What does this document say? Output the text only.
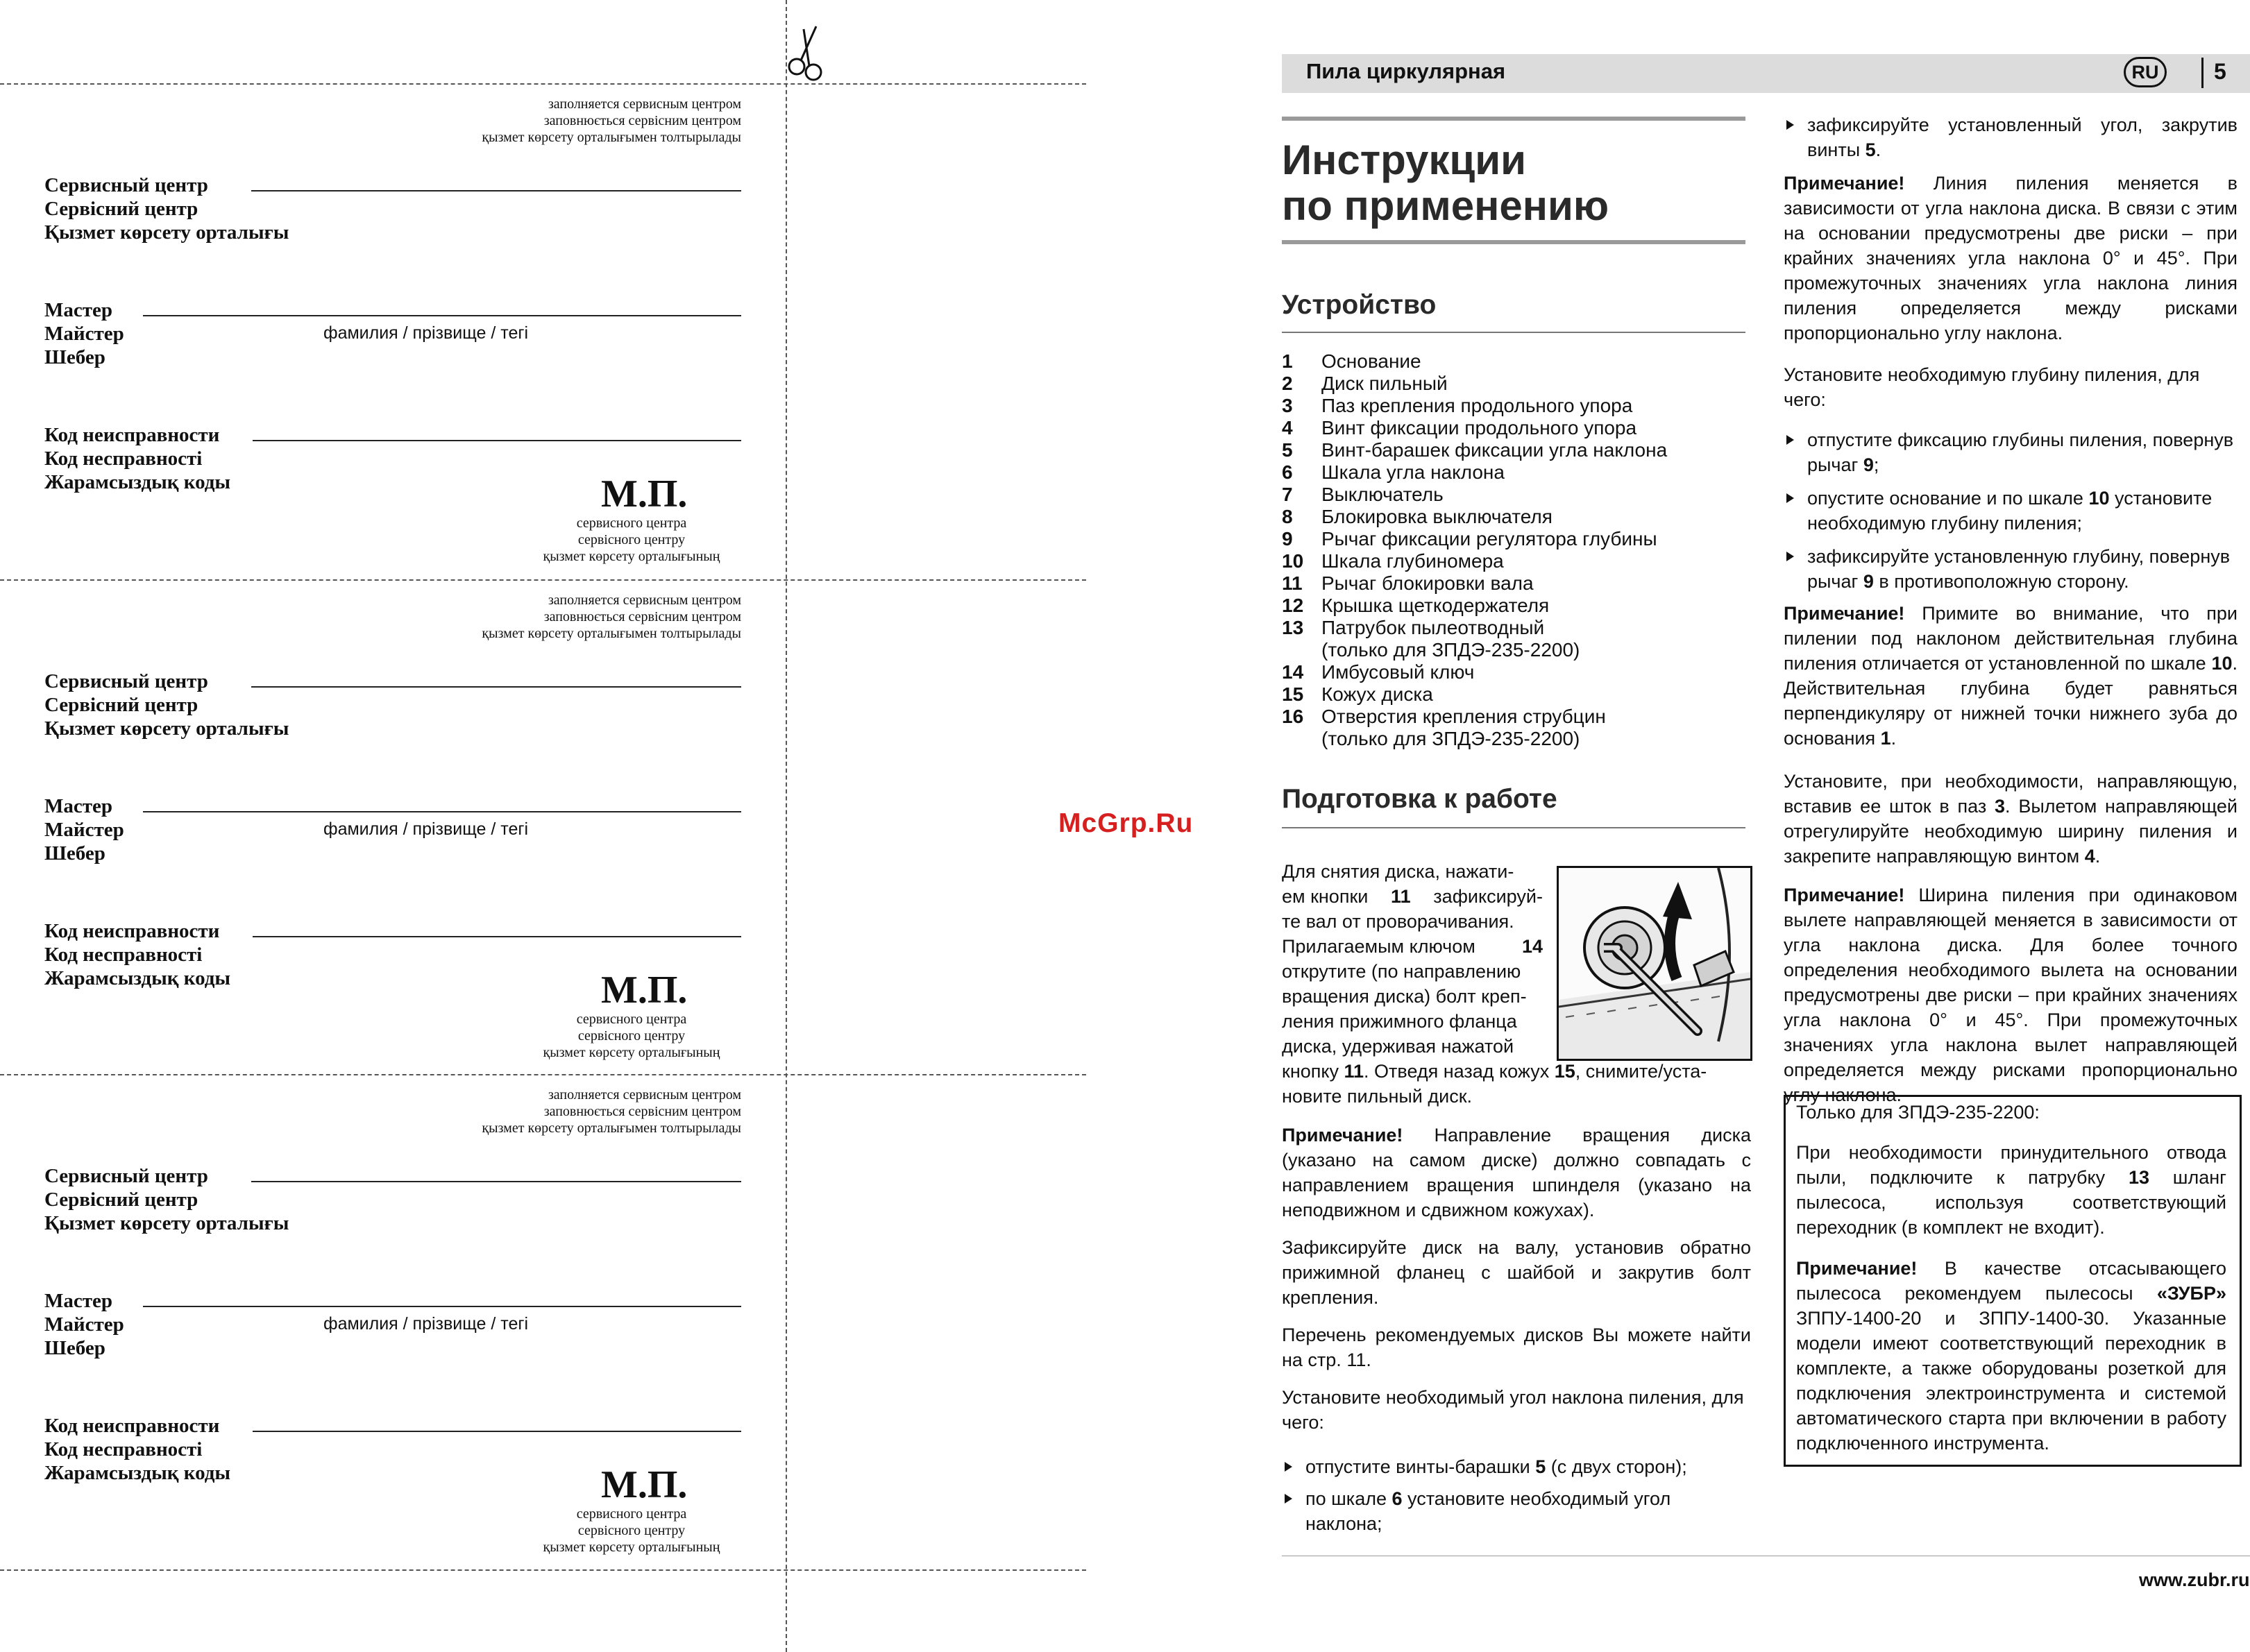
заполняется сервисным центром
заповнюється сервісним центром
қызмет көрсету орталығымен толтырылады
Сервисный центр
Сервісний центр
Қызмет көрсету орталығы
Мастер
Майстер
Шебер
фамилия / прізвище / тегі
Код неисправности
Код несправності
Жарамсыздық коды	М.П.
сервисного центра
сервісного центру
қызмет көрсету орталығының
заполняется сервисным центром
заповнюється сервісним центром
қызмет көрсету орталығымен толтырылады
Сервисный центр
Сервісний центр
Қызмет көрсету орталығы
Мастер
Майстер
Шебер
фамилия / прізвище / тегі
Код неисправности
Код несправності
Жарамсыздық коды	М.П.
сервисного центра
сервісного центру
қызмет көрсету орталығының
заполняется сервисным центром
заповнюється сервісним центром
қызмет көрсету орталығымен толтырылады
Сервисный центр
Сервісний центр
Қызмет көрсету орталығы
Мастер
Майстер
Шебер
фамилия / прізвище / тегі
Код неисправности
Код несправності
Жарамсыздық коды	М.П.
сервисного центра
сервісного центру
қызмет көрсету орталығының
McGrp.Ru
Пила циркулярная	RU	5
Инструкции
по применению
Устройство
1	Основание
2	Диск пильный
3	Паз крепления продольного упора
4	Винт фиксации продольного упора
5	Винт-барашек фиксации угла наклона
6	Шкала угла наклона
7	Выключатель
8	Блокировка выключателя
9	Рычаг фиксации регулятора глубины
10 Шкала глубиномера
11 Рычаг блокировки вала
12 Крышка щеткодержателя
13 Патрубок пылеотводный
(только для ЗПДЭ-235-2200)
14 Имбусовый ключ
15 Кожух диска
16 Отверстия крепления струбцин
(только для ЗПДЭ-235-2200)
Подготовка к работе
Для снятия диска, нажати-
ем кнопки 11 зафиксируй-
те вал от проворачивания.
Прилагаемым ключом 14
открутите (по направлению
вращения диска) болт креп-
ления прижимного фланца
диска, удерживая нажатой
кнопку 11. Отведя назад кожух 15, снимите/уста-
новите пильный диск.
Примечание! Направление вращения диска (указано на самом диске) должно совпадать с направлением вращения шпинделя (указано на неподвижном и сдвижном кожухах).
Зафиксируйте диск на валу, установив обратно прижимной фланец с шайбой и закрутив болт крепления.
Перечень рекомендуемых дисков Вы можете найти на стр. 11.
Установите необходимый угол наклона пиления, для чего:
отпустите винты-барашки 5 (с двух сторон);
по шкале 6 установите необходимый угол наклона;
зафиксируйте установленный угол, закрутив винты 5.
Примечание! Линия пиления меняется в зависимости от угла наклона диска. В связи с этим на основании предусмотрены две риски – при крайних значениях угла наклона 0° и 45°. При промежуточных значениях угла наклона линия пиления определяется между рисками пропорционально углу наклона.
Установите необходимую глубину пиления, для чего:
отпустите фиксацию глубины пиления, повернув рычаг 9;
опустите основание и по шкале 10 установите необходимую глубину пиления;
зафиксируйте установленную глубину, повернув рычаг 9 в противоположную сторону.
Примечание! Примите во внимание, что при пилении под наклоном действительная глубина пиления отличается от установленной по шкале 10. Действительная глубина будет равняться перпендикуляру от нижней точки нижнего зуба до основания 1.
Установите, при необходимости, направляющую, вставив ее шток в паз 3. Вылетом направляющей отрегулируйте необходимую ширину пиления и закрепите направляющую винтом 4.
Примечание! Ширина пиления при одинаковом вылете направляющей меняется в зависимости от угла наклона диска. Для более точного определения необходимого вылета на основании предусмотрены две риски – при крайних значениях угла наклона 0° и 45°. При промежуточных значениях угла наклона вылет направляющей определяется между рисками пропорционально углу наклона.
Только для ЗПДЭ-235-2200:
При необходимости принудительного отвода пыли, подключите к патрубку 13 шланг пылесоса, используя соответствующий переходник (в комплект не входит).
Примечание! В качестве отсасывающего пылесоса рекомендуем пылесосы «ЗУБР» ЗППУ-1400-20 и ЗППУ-1400-30. Указанные модели имеют соответствующий переходник в комплекте, а также оборудованы розеткой для подключения электроинструмента и системой автоматического старта при включении в работу подключенного инструмента.
www.zubr.ru
